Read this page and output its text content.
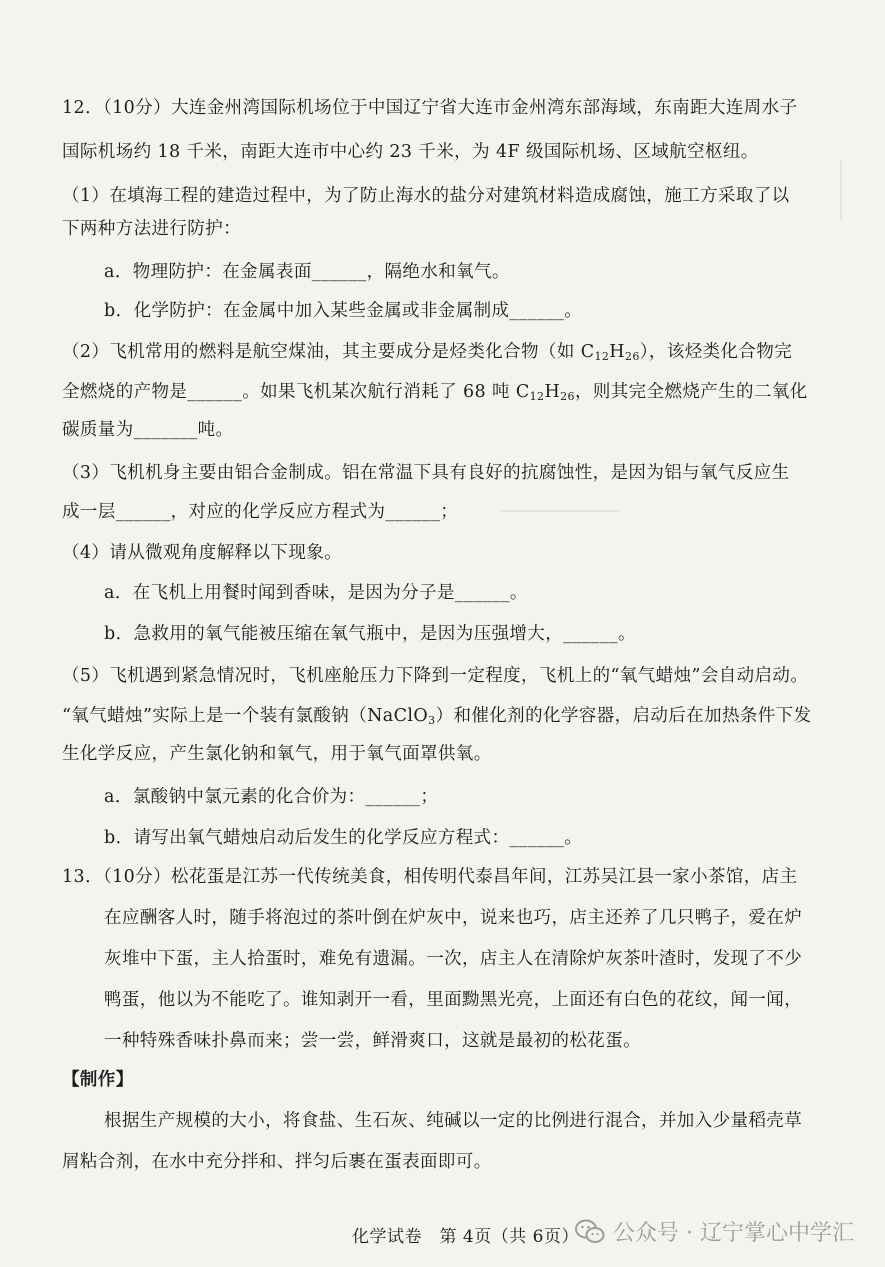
12．（10分）大连金州湾国际机场位于中国辽宁省大连市金州湾东部海域，东南距大连周水子
国际机场约 18 千米，南距大连市中心约 23 千米，为 4F 级国际机场、区域航空枢纽。
（1）在填海工程的建造过程中，为了防止海水的盐分对建筑材料造成腐蚀，施工方采取了以
下两种方法进行防护：
a．物理防护：在金属表面______，隔绝水和氧气。
b．化学防护：在金属中加入某些金属或非金属制成______。
（2）飞机常用的燃料是航空煤油，其主要成分是烃类化合物（如 $C_{12}H_{26}$），该烃类化合物完
全燃烧的产物是______。如果飞机某次航行消耗了 68 吨 $C_{12}H_{26}$，则其完全燃烧产生的二氧化
碳质量为_______吨。
（3）飞机机身主要由铝合金制成。铝在常温下具有良好的抗腐蚀性，是因为铝与氧气反应生
成一层______，对应的化学反应方程式为______；
（4）请从微观角度解释以下现象。
a．在飞机上用餐时闻到香味，是因为分子是______。
b．急救用的氧气能被压缩在氧气瓶中，是因为压强增大，______。
（5）飞机遇到紧急情况时，飞机座舱压力下降到一定程度，飞机上的“氧气蜡烛”会自动启动。
“氧气蜡烛”实际上是一个装有氯酸钠（NaClO$_3$）和催化剂的化学容器，启动后在加热条件下发
生化学反应，产生氯化钠和氧气，用于氧气面罩供氧。
a．氯酸钠中氯元素的化合价为：______；
b．请写出氧气蜡烛启动后发生的化学反应方程式：______。
13．（10分）松花蛋是江苏一代传统美食，相传明代泰昌年间，江苏吴江县一家小茶馆，店主
在应酬客人时，随手将泡过的茶叶倒在炉灰中，说来也巧，店主还养了几只鸭子，爱在炉
灰堆中下蛋，主人拾蛋时，难免有遗漏。一次，店主人在清除炉灰茶叶渣时，发现了不少
鸭蛋，他以为不能吃了。谁知剥开一看，里面黝黑光亮，上面还有白色的花纹，闻一闻，
一种特殊香味扑鼻而来；尝一尝，鲜滑爽口，这就是最初的松花蛋。
【制作】
根据生产规模的大小，将食盐、生石灰、纯碱以一定的比例进行混合，并加入少量稻壳草
屑粘合剂，在水中充分拌和、拌匀后裹在蛋表面即可。
化学试卷　第 4页（共 6页） 公众号 · 辽宁掌心中学汇
